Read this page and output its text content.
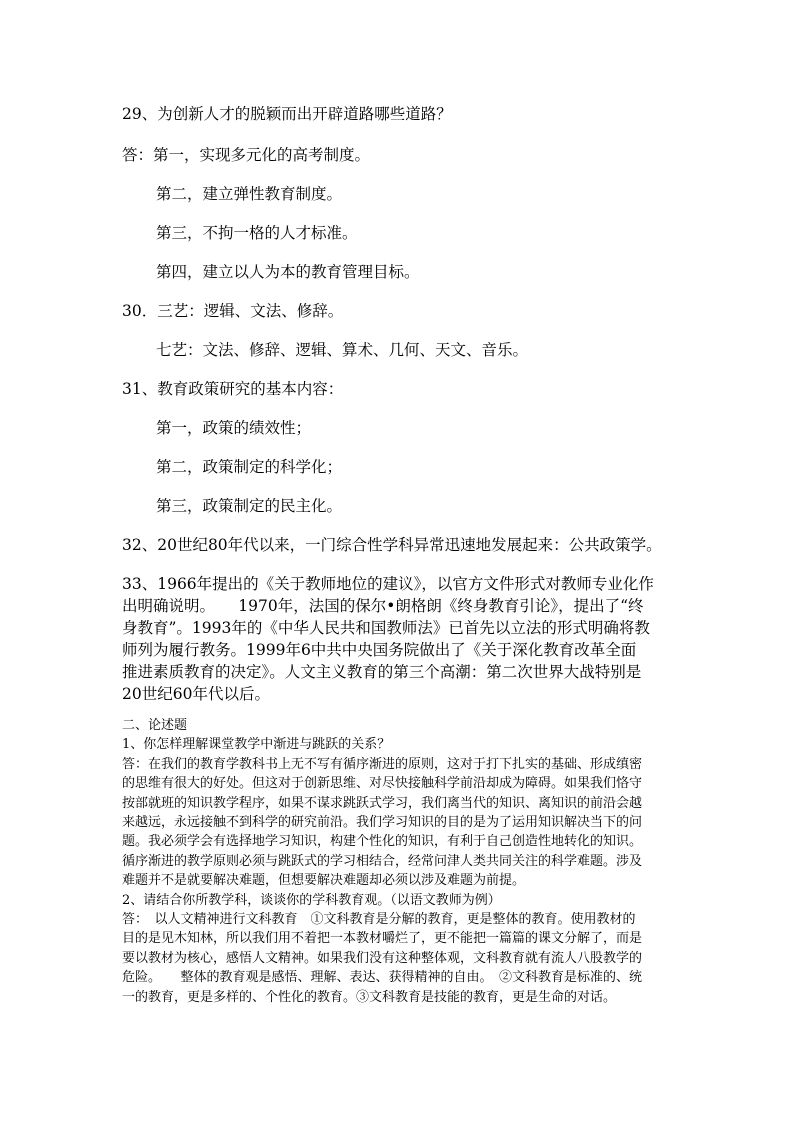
29、为创新人才的脱颖而出开辟道路哪些道路？
答：第一，实现多元化的高考制度。
第二，建立弹性教育制度。
第三，不拘一格的人才标准。
第四，建立以人为本的教育管理目标。
30．三艺：逻辑、文法、修辞。
七艺：文法、修辞、逻辑、算术、几何、天文、音乐。
31、教育政策研究的基本内容：
第一，政策的绩效性；
第二，政策制定的科学化；
第三，政策制定的民主化。
32、20世纪80年代以来，一门综合性学科异常迅速地发展起来：公共政策学。
33、1966年提出的《关于教师地位的建议》，以官方文件形式对教师专业化作
出明确说明。　　1970年，法国的保尔•朗格朗《终身教育引论》，提出了“终
身教育”。1993年的《中华人民共和国教师法》已首先以立法的形式明确将教
师列为履行教务。1999年6中共中央国务院做出了《关于深化教育改革全面
推进素质教育的决定》。人文主义教育的第三个高潮：第二次世界大战特别是
20世纪60年代以后。
二、论述题
1、你怎样理解课堂教学中渐进与跳跃的关系？
答：在我们的教育学教科书上无不写有循序渐进的原则，这对于打下扎实的基础、形成缜密
的思维有很大的好处。但这对于创新思维、对尽快接触科学前沿却成为障碍。如果我们恪守
按部就班的知识教学程序，如果不谋求跳跃式学习，我们离当代的知识、离知识的前沿会越
来越远，永远接触不到科学的研究前沿。我们学习知识的目的是为了运用知识解决当下的问
题。我必须学会有选择地学习知识，构建个性化的知识，有利于自己创造性地转化的知识。
循序渐进的教学原则必须与跳跃式的学习相结合，经常问津人类共同关注的科学难题。涉及
难题并不是就要解决难题，但想要解决难题却必须以涉及难题为前提。
2、请结合你所教学科，谈谈你的学科教育观。（以语文教师为例）
答：　以人文精神进行文科教育　①文科教育是分解的教育，更是整体的教育。使用教材的
目的是见木知林，所以我们用不着把一本教材嚼烂了，更不能把一篇篇的课文分解了，而是
要以教材为核心，感悟人文精神。如果我们没有这种整体观，文科教育就有流人八股教学的
危险。　　整体的教育观是感悟、理解、表达、获得精神的自由。　②文科教育是标准的、统
一的教育，更是多样的、个性化的教育。③文科教育是技能的教育，更是生命的对话。
